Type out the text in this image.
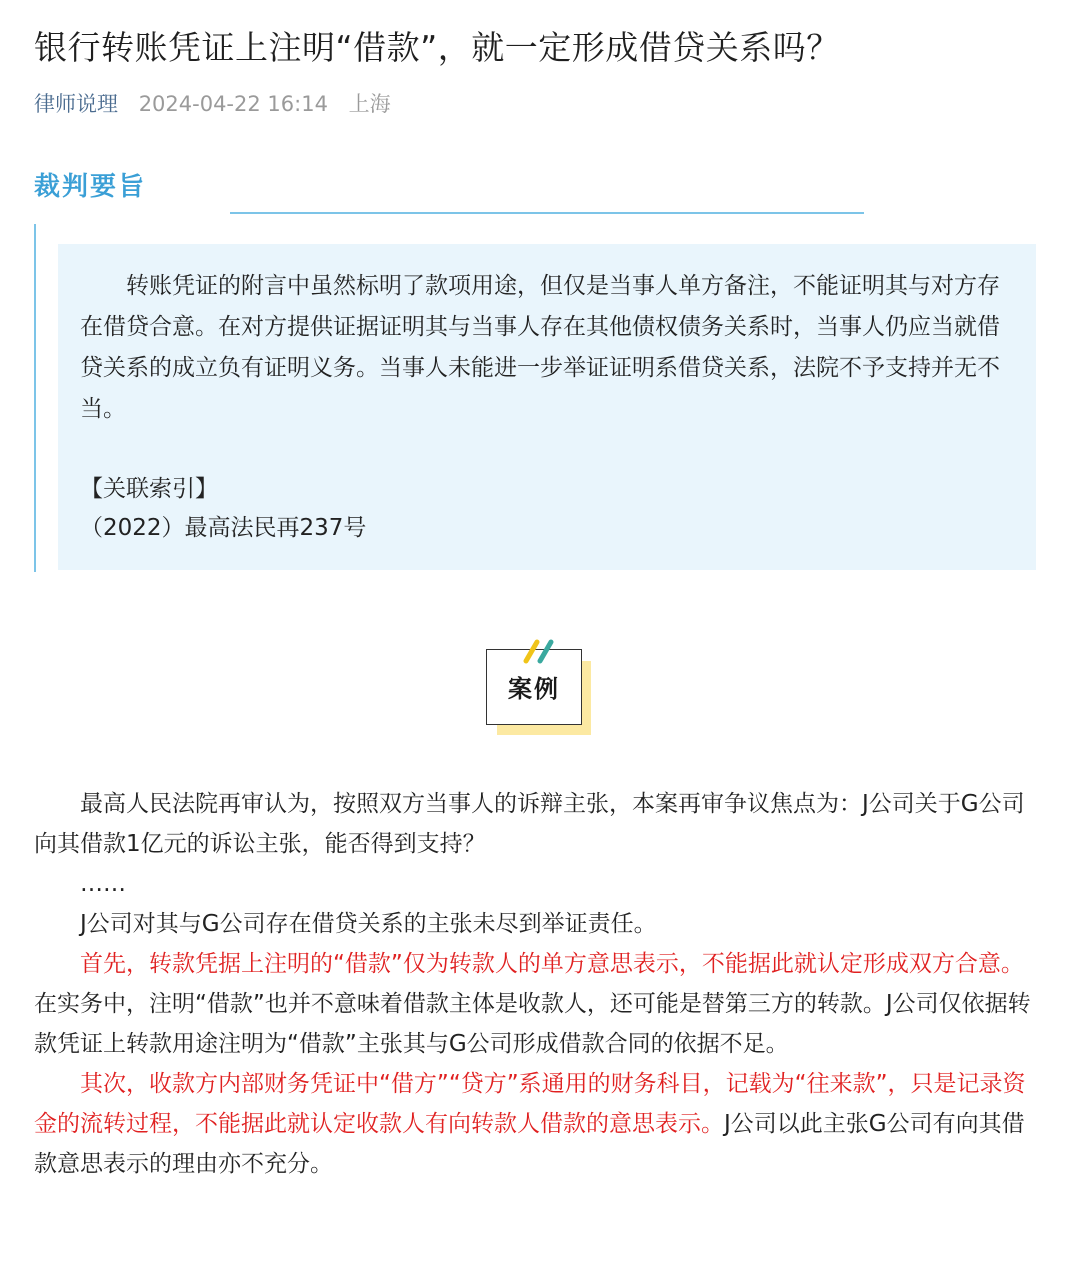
银行转账凭证上注明“借款”，就一定形成借贷关系吗？
律师说理 2024-04-22 16:14 上海
裁判要旨

转账凭证的附言中虽然标明了款项用途，但仅是当事人单方备注，不能证明其与对方存在借贷合意。在对方提供证据证明其与当事人存在其他债权债务关系时，当事人仍应当就借贷关系的成立负有证明义务。当事人未能进一步举证证明系借贷关系，法院不予支持并无不当。

【关联索引】
（2022）最高法民再237号
案例

最高人民法院再审认为，按照双方当事人的诉辩主张，本案再审争议焦点为：J公司关于G公司向其借款1亿元的诉讼主张，能否得到支持？

……

J公司对其与G公司存在借贷关系的主张未尽到举证责任。

首先，转款凭据上注明的“借款”仅为转款人的单方意思表示，不能据此就认定形成双方合意。在实务中，注明“借款”也并不意味着借款主体是收款人，还可能是替第三方的转款。J公司仅依据转款凭证上转款用途注明为“借款”主张其与G公司形成借款合同的依据不足。

其次，收款方内部财务凭证中“借方”“贷方”系通用的财务科目，记载为“往来款”，只是记录资金的流转过程，不能据此就认定收款人有向转款人借款的意思表示。J公司以此主张G公司有向其借款意思表示的理由亦不充分。
